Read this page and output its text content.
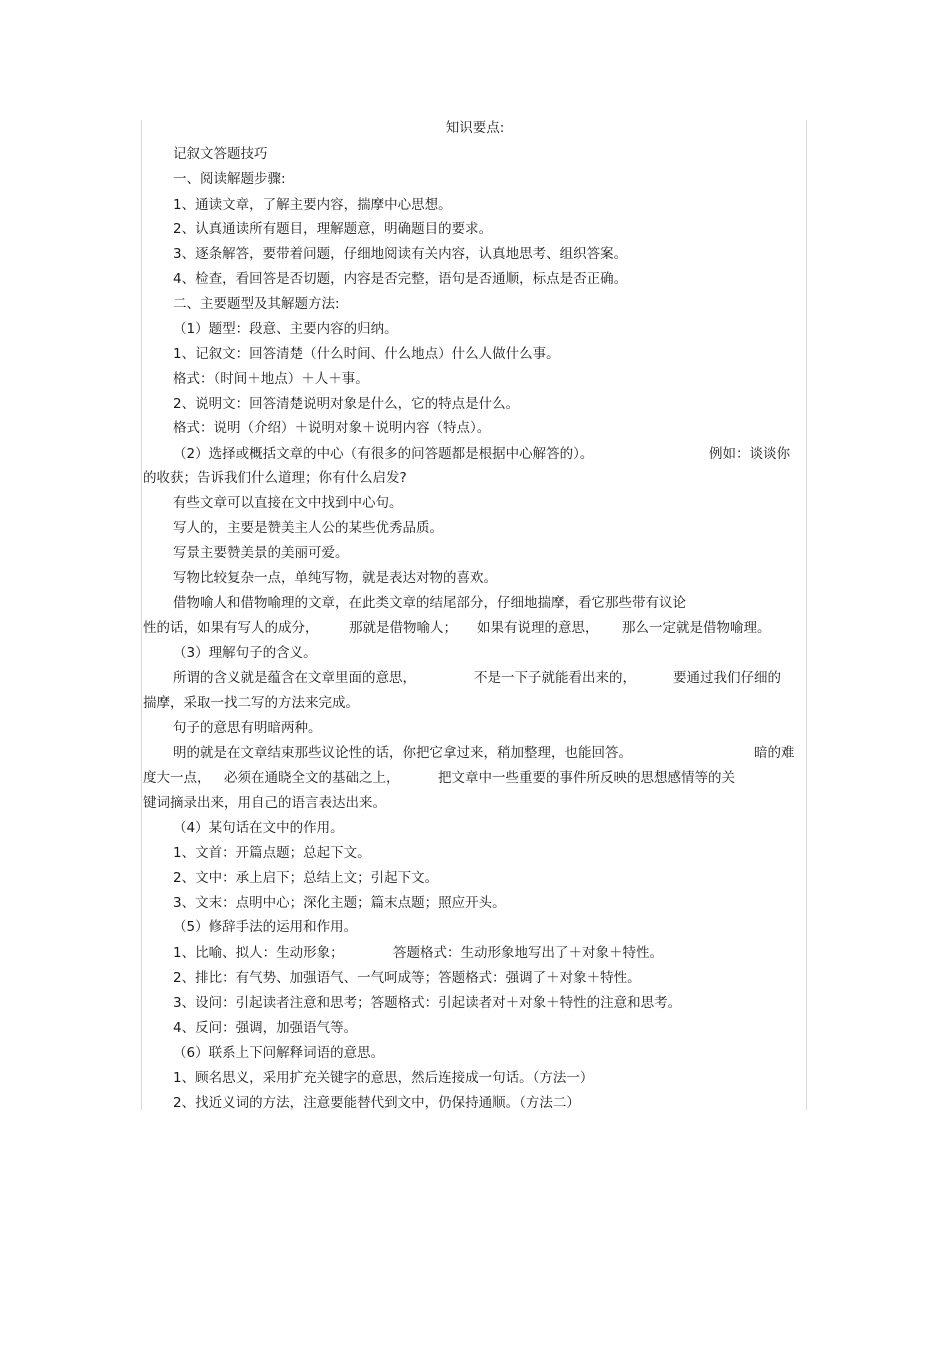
知识要点:
记叙文答题技巧
一、阅读解题步骤:
1、通读文章，了解主要内容，揣摩中心思想。
2、认真通读所有题目，理解题意，明确题目的要求。
3、逐条解答，要带着问题，仔细地阅读有关内容，认真地思考、组织答案。
4、检查，看回答是否切题，内容是否完整，语句是否通顺，标点是否正确。
二、主要题型及其解题方法:
（1）题型：段意、主要内容的归纳。
1、记叙文：回答清楚（什么时间、什么地点）什么人做什么事。
格式：（时间＋地点）＋人＋事。
2、说明文：回答清楚说明对象是什么，它的特点是什么。
格式：说明（介绍）＋说明对象＋说明内容（特点）。
（2）选择或概括文章的中心（有很多的问答题都是根据中心解答的）。	例如：谈谈你
的收获；告诉我们什么道理；你有什么启发?
有些文章可以直接在文中找到中心句。
写人的，主要是赞美主人公的某些优秀品质。
写景主要赞美景的美丽可爱。
写物比较复杂一点，单纯写物，就是表达对物的喜欢。
借物喻人和借物喻理的文章，在此类文章的结尾部分，仔细地揣摩，看它那些带有议论
性的话，如果有写人的成分， 那就是借物喻人； 如果有说理的意思， 那么一定就是借物喻理。
（3）理解句子的含义。
所谓的含义就是蕴含在文章里面的意思，	不是一下子就能看出来的，	要通过我们仔细的
揣摩，采取一找二写的方法来完成。
句子的意思有明暗两种。
明的就是在文章结束那些议论性的话，你把它拿过来，稍加整理，也能回答。	暗的难
度大一点， 必须在通晓全文的基础之上，	把文章中一些重要的事件所反映的思想感情等的关
键词摘录出来，用自己的语言表达出来。
（4）某句话在文中的作用。
1、文首：开篇点题；总起下文。
2、文中：承上启下；总结上文；引起下文。
3、文末：点明中心；深化主题；篇末点题；照应开头。
（5）修辞手法的运用和作用。
1、比喻、拟人：生动形象；	答题格式：生动形象地写出了＋对象＋特性。
2、排比：有气势、加强语气、一气呵成等；答题格式：强调了＋对象＋特性。
3、设问：引起读者注意和思考；答题格式：引起读者对＋对象＋特性的注意和思考。
4、反问：强调，加强语气等。
（6）联系上下问解释词语的意思。
1、顾名思义，采用扩充关键字的意思，然后连接成一句话。（方法一）
2、找近义词的方法，注意要能替代到文中，仍保持通顺。（方法二）
